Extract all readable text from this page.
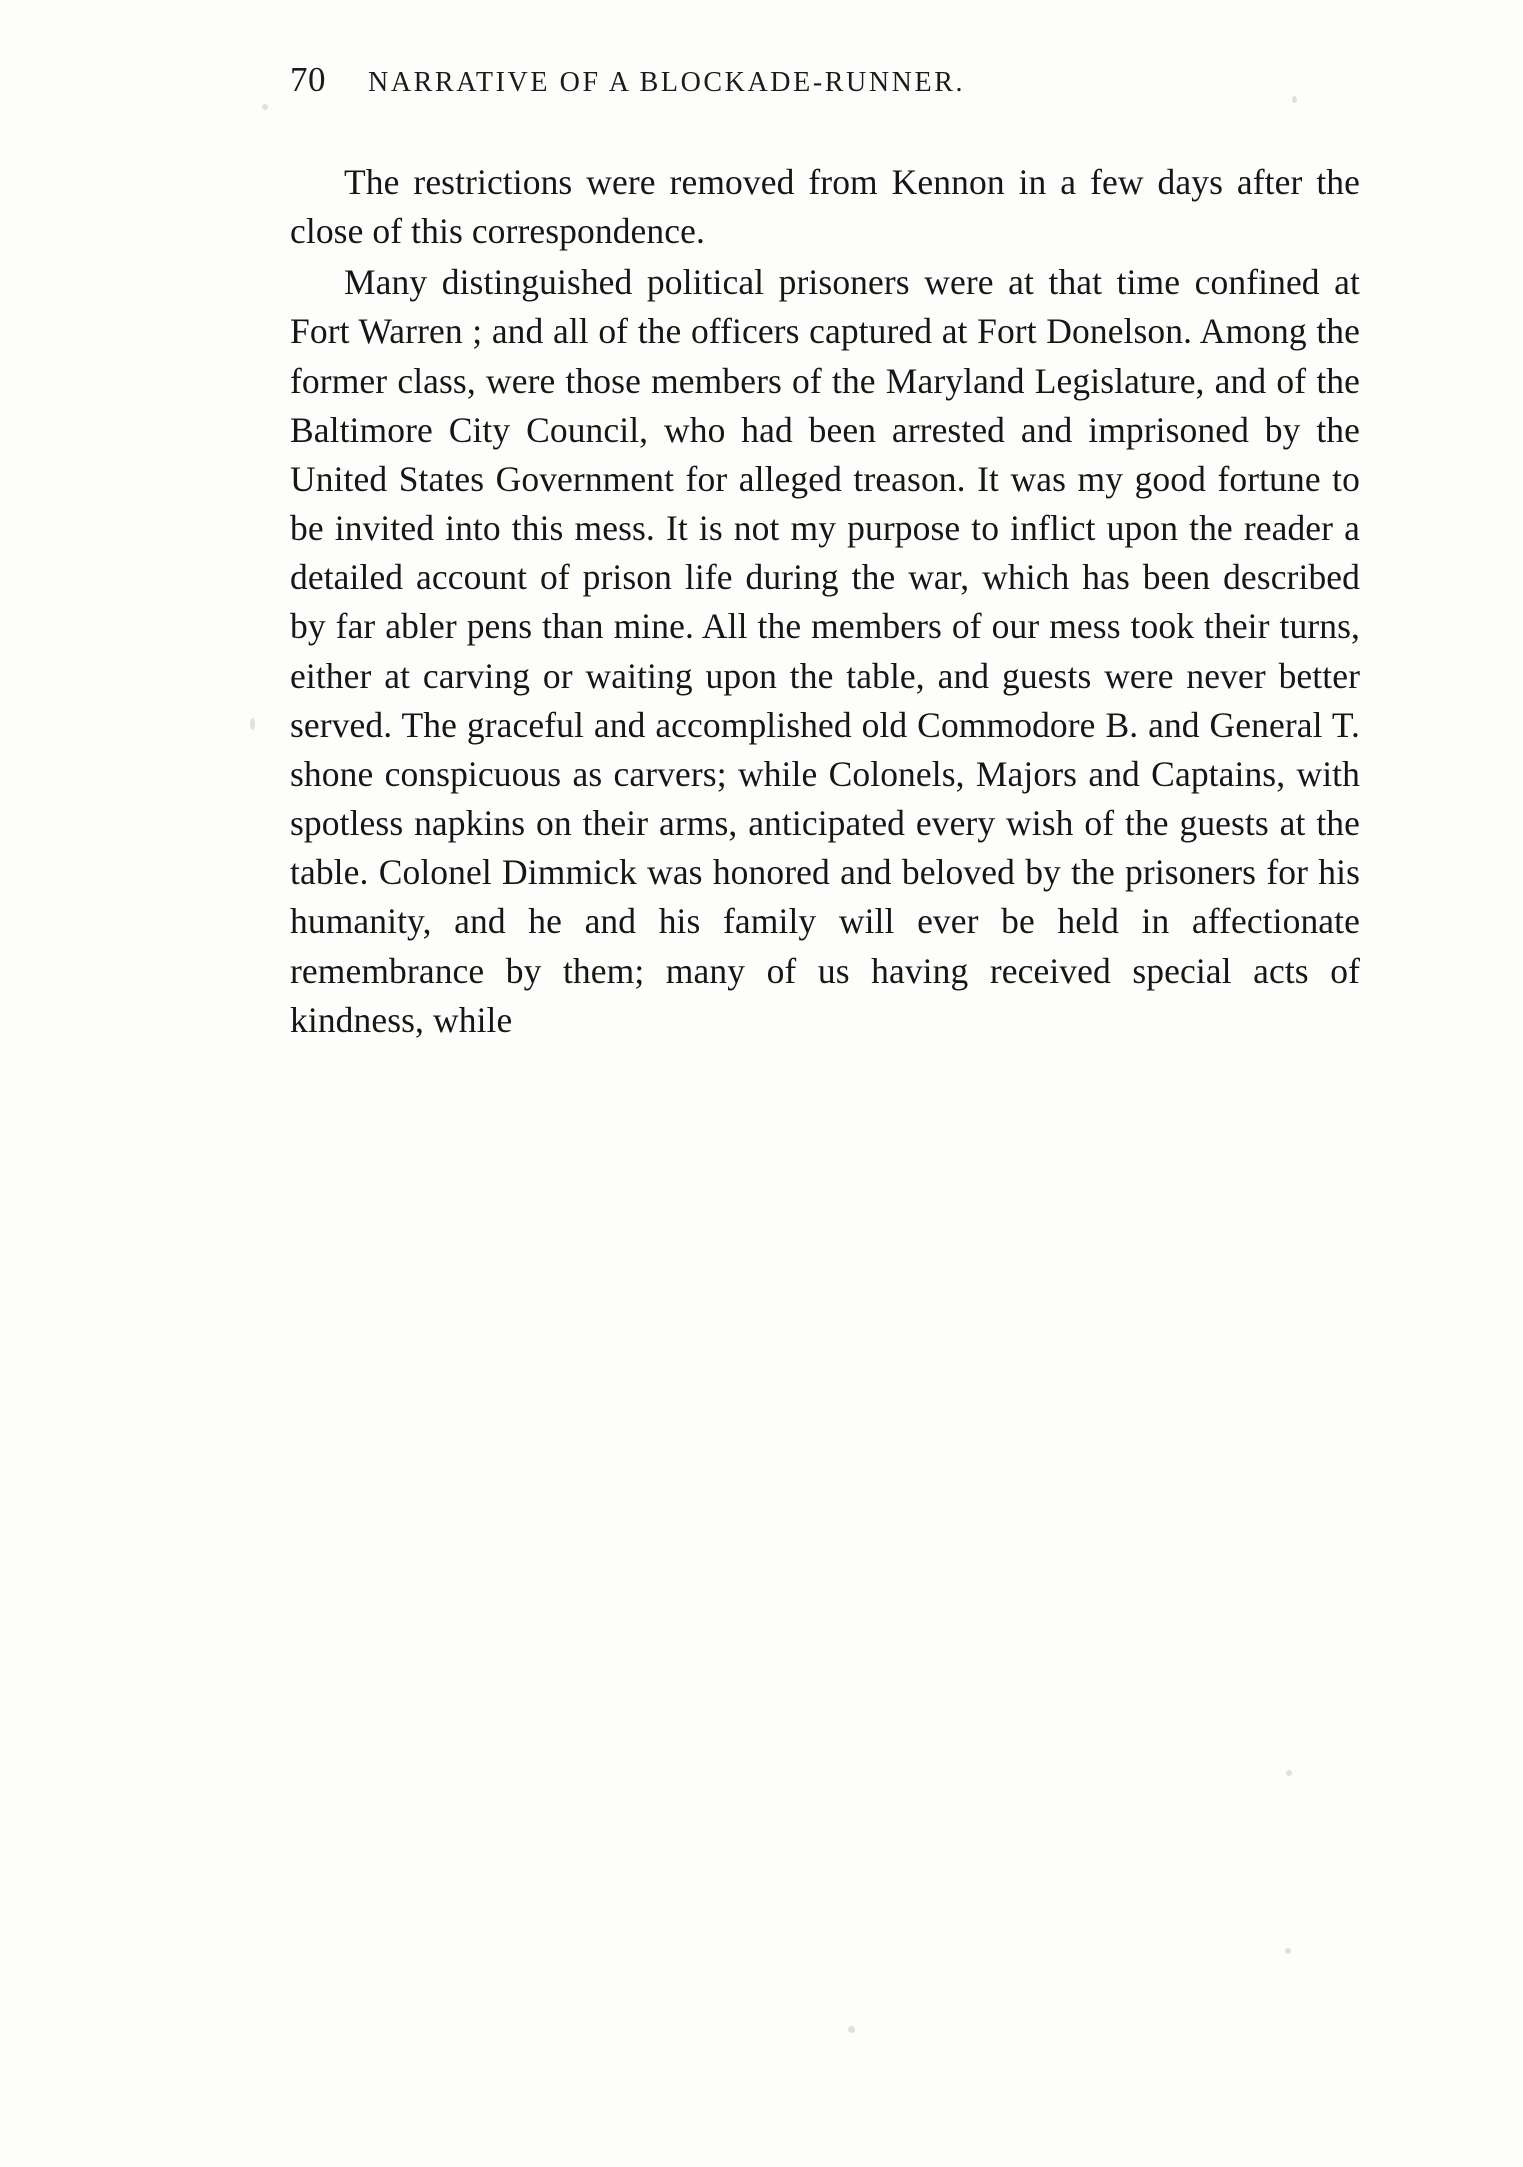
70	NARRATIVE OF A BLOCKADE-RUNNER.

The restrictions were removed from Kennon in a few days after the close of this correspondence.

Many distinguished political prisoners were at that time confined at Fort Warren ; and all of the officers captured at Fort Donelson. Among the former class, were those members of the Maryland Legislature, and of the Baltimore City Council, who had been arrested and imprisoned by the United States Government for alleged treason. It was my good fortune to be invited into this mess. It is not my purpose to inflict upon the reader a detailed account of prison life during the war, which has been described by far abler pens than mine. All the members of our mess took their turns, either at carving or waiting upon the table, and guests were never better served. The graceful and accomplished old Commodore B. and General T. shone conspicuous as carvers; while Colonels, Majors and Captains, with spotless napkins on their arms, anticipated every wish of the guests at the table. Colonel Dimmick was honored and beloved by the prisoners for his humanity, and he and his family will ever be held in affectionate remembrance by them; many of us having received special acts of kindness, while
